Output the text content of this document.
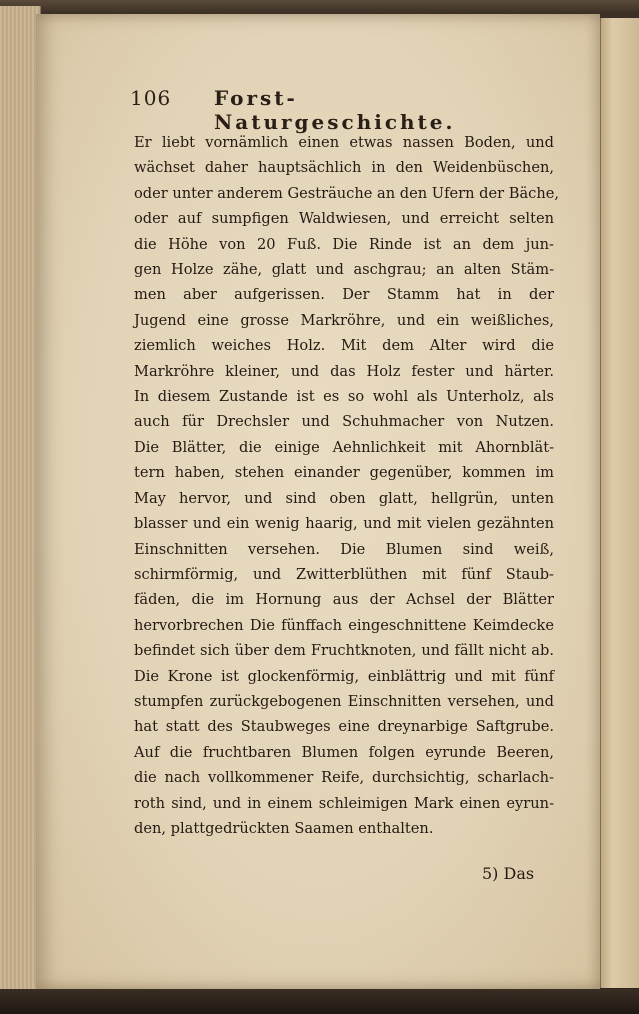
106 Forst-Naturgeschichte.
Er liebt vornämlich einen etwas nassen Boden, und
wächset daher hauptsächlich in den Weidenbüschen,
oder unter anderem Gesträuche an den Ufern der Bäche,
oder auf sumpfigen Waldwiesen, und erreicht selten
die Höhe von 20 Fuß. Die Rinde ist an dem jun-
gen Holze zähe, glatt und aschgrau; an alten Stäm-
men aber aufgerissen. Der Stamm hat in der
Jugend eine grosse Markröhre, und ein weißliches,
ziemlich weiches Holz. Mit dem Alter wird die
Markröhre kleiner, und das Holz fester und härter.
In diesem Zustande ist es so wohl als Unterholz, als
auch für Drechsler und Schuhmacher von Nutzen.
Die Blätter, die einige Aehnlichkeit mit Ahornblät-
tern haben, stehen einander gegenüber, kommen im
May hervor, und sind oben glatt, hellgrün, unten
blasser und ein wenig haarig, und mit vielen gezähnten
Einschnitten versehen. Die Blumen sind weiß,
schirmförmig, und Zwitterblüthen mit fünf Staub-
fäden, die im Hornung aus der Achsel der Blätter
hervorbrechen Die fünffach eingeschnittene Keimdecke
befindet sich über dem Fruchtknoten, und fällt nicht ab.
Die Krone ist glockenförmig, einblättrig und mit fünf
stumpfen zurückgebogenen Einschnitten versehen, und
hat statt des Staubweges eine dreynarbige Saftgrube.
Auf die fruchtbaren Blumen folgen eyrunde Beeren,
die nach vollkommener Reife, durchsichtig, scharlach-
roth sind, und in einem schleimigen Mark einen eyrun-
den, plattgedrückten Saamen enthalten.
5) Das
